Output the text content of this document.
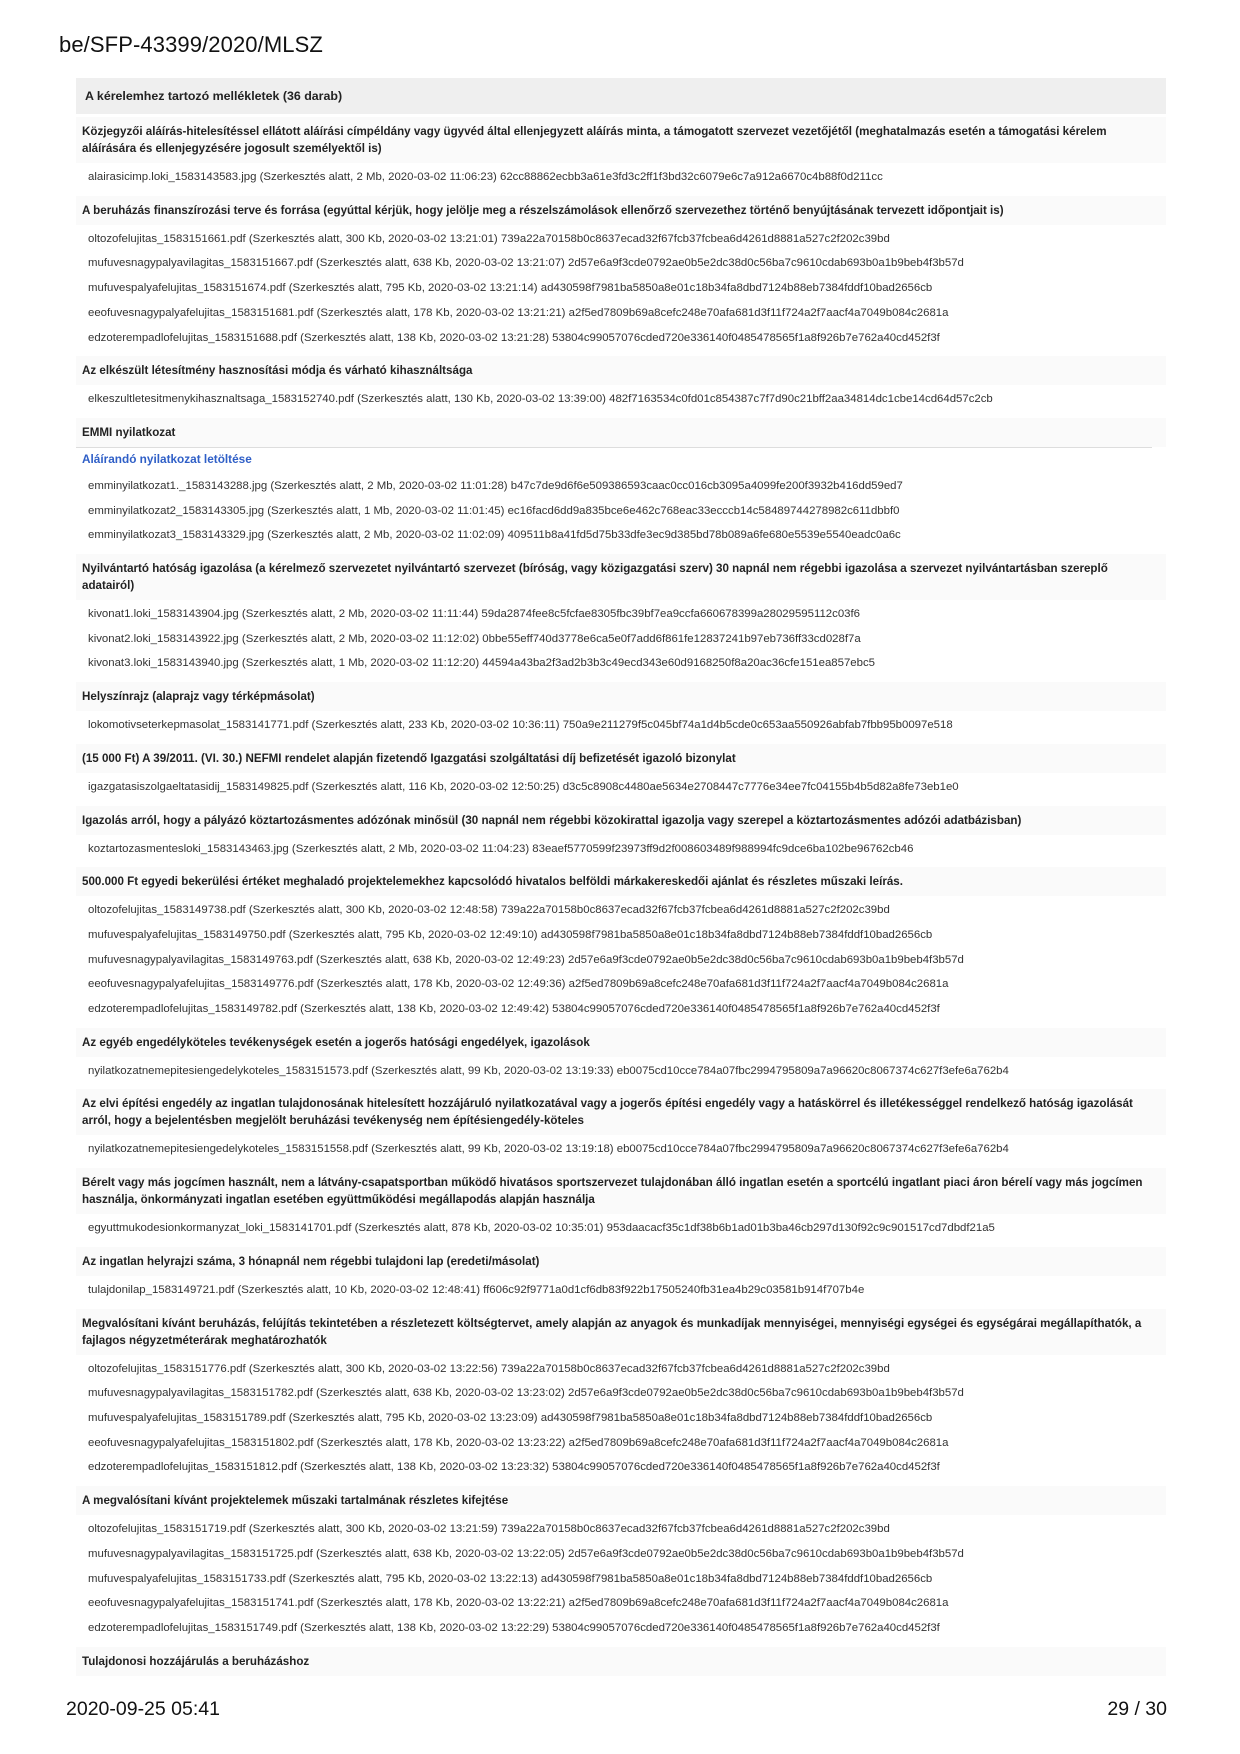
be/SFP-43399/2020/MLSZ
A kérelemhez tartozó mellékletek (36 darab)
Közjegyzői aláírás-hitelesítéssel ellátott aláírási címpéldány vagy ügyvéd által ellenjegyzett aláírás minta, a támogatott szervezet vezetőjétől (meghatalmazás esetén a támogatási kérelem aláírására és ellenjegyzésére jogosult személyektől is)
alairasicimp.loki_1583143583.jpg (Szerkesztés alatt, 2 Mb, 2020-03-02 11:06:23) 62cc88862ecbb3a61e3fd3c2ff1f3bd32c6079e6c7a912a6670c4b88f0d211cc
A beruházás finanszírozási terve és forrása (egyúttal kérjük, hogy jelölje meg a részelszámolások ellenőrző szervezethez történő benyújtásának tervezett időpontjait is)
oltozofelujitas_1583151661.pdf (Szerkesztés alatt, 300 Kb, 2020-03-02 13:21:01) 739a22a70158b0c8637ecad32f67fcb37fcbea6d4261d8881a527c2f202c39bd
mufuvesnagypalyavilagitas_1583151667.pdf (Szerkesztés alatt, 638 Kb, 2020-03-02 13:21:07) 2d57e6a9f3cde0792ae0b5e2dc38d0c56ba7c9610cdab693b0a1b9beb4f3b57d
mufuvespalyafelujitas_1583151674.pdf (Szerkesztés alatt, 795 Kb, 2020-03-02 13:21:14) ad430598f7981ba5850a8e01c18b34fa8dbd7124b88eb7384fddf10bad2656cb
eeofuvesnagypalyafelujitas_1583151681.pdf (Szerkesztés alatt, 178 Kb, 2020-03-02 13:21:21) a2f5ed7809b69a8cefc248e70afa681d3f11f724a2f7aacf4a7049b084c2681a
edzoterempadlofelujitas_1583151688.pdf (Szerkesztés alatt, 138 Kb, 2020-03-02 13:21:28) 53804c99057076cded720e336140f0485478565f1a8f926b7e762a40cd452f3f
Az elkészült létesítmény hasznosítási módja és várható kihasználtsága
elkeszultletesitmenykihasznaltsaga_1583152740.pdf (Szerkesztés alatt, 130 Kb, 2020-03-02 13:39:00) 482f7163534c0fd01c854387c7f7d90c21bff2aa34814dc1cbe14cd64d57c2cb
EMMI nyilatkozat
Aláírandó nyilatkozat letöltése
emminyilatkozat1._1583143288.jpg (Szerkesztés alatt, 2 Mb, 2020-03-02 11:01:28) b47c7de9d6f6e509386593caac0cc016cb3095a4099fe200f3932b416dd59ed7
emminyilatkozat2_1583143305.jpg (Szerkesztés alatt, 1 Mb, 2020-03-02 11:01:45) ec16facd6dd9a835bce6e462c768eac33ecccb14c58489744278982c611dbbf0
emminyilatkozat3_1583143329.jpg (Szerkesztés alatt, 2 Mb, 2020-03-02 11:02:09) 409511b8a41fd5d75b33dfe3ec9d385bd78b089a6fe680e5539e5540eadc0a6c
Nyilvántartó hatóság igazolása (a kérelmező szervezetet nyilvántartó szervezet (bíróság, vagy közigazgatási szerv) 30 napnál nem régebbi igazolása a szervezet nyilvántartásban szereplő adatairól)
kivonat1.loki_1583143904.jpg (Szerkesztés alatt, 2 Mb, 2020-03-02 11:11:44) 59da2874fee8c5fcfae8305fbc39bf7ea9ccfa660678399a28029595112c03f6
kivonat2.loki_1583143922.jpg (Szerkesztés alatt, 2 Mb, 2020-03-02 11:12:02) 0bbe55eff740d3778e6ca5e0f7add6f861fe12837241b97eb736ff33cd028f7a
kivonat3.loki_1583143940.jpg (Szerkesztés alatt, 1 Mb, 2020-03-02 11:12:20) 44594a43ba2f3ad2b3b3c49ecd343e60d9168250f8a20ac36cfe151ea857ebc5
Helyszínrajz (alaprajz vagy térképmásolat)
lokomotivseterkepmasolat_1583141771.pdf (Szerkesztés alatt, 233 Kb, 2020-03-02 10:36:11) 750a9e211279f5c045bf74a1d4b5cde0c653aa550926abfab7fbb95b0097e518
(15 000 Ft) A 39/2011. (VI. 30.) NEFMI rendelet alapján fizetendő Igazgatási szolgáltatási díj befizetését igazoló bizonylat
igazgatasiszolgaeltatasidij_1583149825.pdf (Szerkesztés alatt, 116 Kb, 2020-03-02 12:50:25) d3c5c8908c4480ae5634e2708447c7776e34ee7fc04155b4b5d82a8fe73eb1e0
Igazolás arról, hogy a pályázó köztartozásmentes adózónak minősül (30 napnál nem régebbi közokirattal igazolja vagy szerepel a köztartozásmentes adózói adatbázisban)
koztartozasmentesloki_1583143463.jpg (Szerkesztés alatt, 2 Mb, 2020-03-02 11:04:23) 83eaef5770599f23973ff9d2f008603489f988994fc9dce6ba102be96762cb46
500.000 Ft egyedi bekerülési értéket meghaladó projektelemekhez kapcsolódó hivatalos belföldi márkakereskedői ajánlat és részletes műszaki leírás.
oltozofelujitas_1583149738.pdf (Szerkesztés alatt, 300 Kb, 2020-03-02 12:48:58) 739a22a70158b0c8637ecad32f67fcb37fcbea6d4261d8881a527c2f202c39bd
mufuvespalyafelujitas_1583149750.pdf (Szerkesztés alatt, 795 Kb, 2020-03-02 12:49:10) ad430598f7981ba5850a8e01c18b34fa8dbd7124b88eb7384fddf10bad2656cb
mufuvesnagypalyavilagitas_1583149763.pdf (Szerkesztés alatt, 638 Kb, 2020-03-02 12:49:23) 2d57e6a9f3cde0792ae0b5e2dc38d0c56ba7c9610cdab693b0a1b9beb4f3b57d
eeofuvesnagypalyafelujitas_1583149776.pdf (Szerkesztés alatt, 178 Kb, 2020-03-02 12:49:36) a2f5ed7809b69a8cefc248e70afa681d3f11f724a2f7aacf4a7049b084c2681a
edzoterempadlofelujitas_1583149782.pdf (Szerkesztés alatt, 138 Kb, 2020-03-02 12:49:42) 53804c99057076cded720e336140f0485478565f1a8f926b7e762a40cd452f3f
Az egyéb engedélyköteles tevékenységek esetén a jogerős hatósági engedélyek, igazolások
nyilatkozatnemepitesiengedelykoteles_1583151573.pdf (Szerkesztés alatt, 99 Kb, 2020-03-02 13:19:33) eb0075cd10cce784a07fbc2994795809a7a96620c8067374c627f3efe6a762b4
Az elvi építési engedély az ingatlan tulajdonosának hitelesített hozzájáruló nyilatkozatával vagy a jogerős építési engedély vagy a hatáskörrel és illetékességgel rendelkező hatóság igazolását arról, hogy a bejelentésben megjelölt beruházási tevékenység nem építésiengedély-köteles
nyilatkozatnemepitesiengedelykoteles_1583151558.pdf (Szerkesztés alatt, 99 Kb, 2020-03-02 13:19:18) eb0075cd10cce784a07fbc2994795809a7a96620c8067374c627f3efe6a762b4
Bérelt vagy más jogcímen használt, nem a látvány-csapatsportban működő hivatásos sportszervezet tulajdonában álló ingatlan esetén a sportcélú ingatlant piaci áron bérelí vagy más jogcímen használja, önkormányzati ingatlan esetében együttműködési megállapodás alapján használja
egyuttmukodesionkormanyzat_loki_1583141701.pdf (Szerkesztés alatt, 878 Kb, 2020-03-02 10:35:01) 953daacacf35c1df38b6b1ad01b3ba46cb297d130f92c9c901517cd7dbdf21a5
Az ingatlan helyrajzi száma, 3 hónapnál nem régebbi tulajdoni lap (eredeti/másolat)
tulajdonilap_1583149721.pdf (Szerkesztés alatt, 10 Kb, 2020-03-02 12:48:41) ff606c92f9771a0d1cf6db83f922b17505240fb31ea4b29c03581b914f707b4e
Megvalósítani kívánt beruházás, felújítás tekintetében a részletezett költségtervet, amely alapján az anyagok és munkadíjak mennyiségei, mennyiségi egységei és egységárai megállapíthatók, a fajlagos négyzetméterárak meghatározhatók
oltozofelujitas_1583151776.pdf (Szerkesztés alatt, 300 Kb, 2020-03-02 13:22:56) 739a22a70158b0c8637ecad32f67fcb37fcbea6d4261d8881a527c2f202c39bd
mufuvesnagypalyavilagitas_1583151782.pdf (Szerkesztés alatt, 638 Kb, 2020-03-02 13:23:02) 2d57e6a9f3cde0792ae0b5e2dc38d0c56ba7c9610cdab693b0a1b9beb4f3b57d
mufuvespalyafelujitas_1583151789.pdf (Szerkesztés alatt, 795 Kb, 2020-03-02 13:23:09) ad430598f7981ba5850a8e01c18b34fa8dbd7124b88eb7384fddf10bad2656cb
eeofuvesnagypalyafelujitas_1583151802.pdf (Szerkesztés alatt, 178 Kb, 2020-03-02 13:23:22) a2f5ed7809b69a8cefc248e70afa681d3f11f724a2f7aacf4a7049b084c2681a
edzoterempadlofelujitas_1583151812.pdf (Szerkesztés alatt, 138 Kb, 2020-03-02 13:23:32) 53804c99057076cded720e336140f0485478565f1a8f926b7e762a40cd452f3f
A megvalósítani kívánt projektelemek műszaki tartalmának részletes kifejtése
oltozofelujitas_1583151719.pdf (Szerkesztés alatt, 300 Kb, 2020-03-02 13:21:59) 739a22a70158b0c8637ecad32f67fcb37fcbea6d4261d8881a527c2f202c39bd
mufuvesnagypalyavilagitas_1583151725.pdf (Szerkesztés alatt, 638 Kb, 2020-03-02 13:22:05) 2d57e6a9f3cde0792ae0b5e2dc38d0c56ba7c9610cdab693b0a1b9beb4f3b57d
mufuvespalyafelujitas_1583151733.pdf (Szerkesztés alatt, 795 Kb, 2020-03-02 13:22:13) ad430598f7981ba5850a8e01c18b34fa8dbd7124b88eb7384fddf10bad2656cb
eeofuvesnagypalyafelujitas_1583151741.pdf (Szerkesztés alatt, 178 Kb, 2020-03-02 13:22:21) a2f5ed7809b69a8cefc248e70afa681d3f11f724a2f7aacf4a7049b084c2681a
edzoterempadlofelujitas_1583151749.pdf (Szerkesztés alatt, 138 Kb, 2020-03-02 13:22:29) 53804c99057076cded720e336140f0485478565f1a8f926b7e762a40cd452f3f
Tulajdonosi hozzájárulás a beruházáshoz
2020-09-25 05:41	29 / 30
